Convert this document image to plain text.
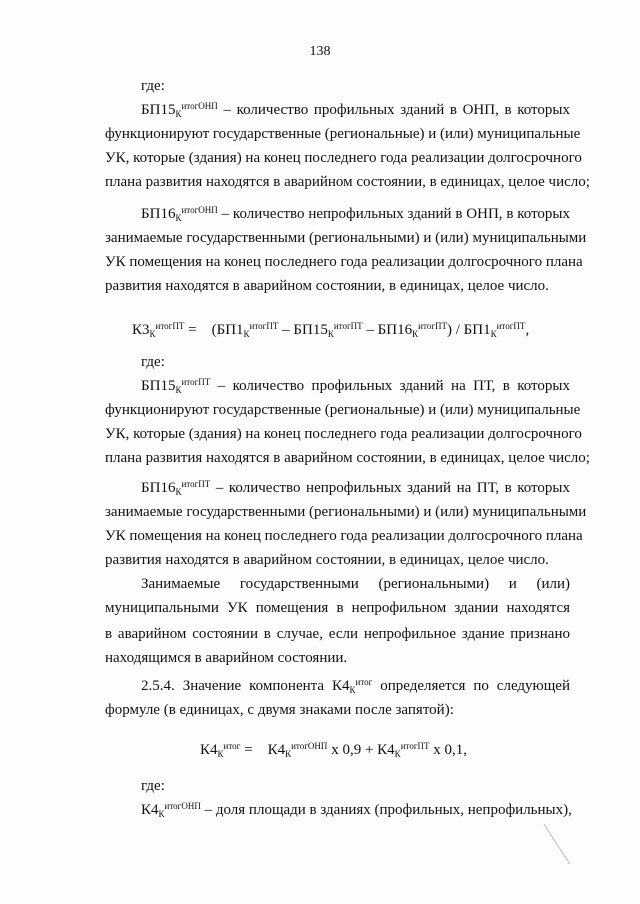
138
где:
$БП15_К^{итогОНП}$ – количество профильных зданий в ОНП, в которых
функционируют государственные (региональные) и (или) муниципальные
УК, которые (здания) на конец последнего года реализации долгосрочного
плана развития находятся в аварийном состоянии, в единицах, целое число;
$БП16_К^{итогОНП}$ – количество непрофильных зданий в ОНП, в которых
занимаемые государственными (региональными) и (или) муниципальными
УК помещения на конец последнего года реализации долгосрочного плана
развития находятся в аварийном состоянии, в единицах, целое число.
$К3_К^{итогПТ}$ =    $(БП1_К^{итогПТ} - БП15_К^{итогПТ} - БП16_К^{итогПТ}) / БП1_К^{итогПТ}$,
где:
$БП15_К^{итогПТ}$ – количество профильных зданий на ПТ, в которых
функционируют государственные (региональные) и (или) муниципальные
УК, которые (здания) на конец последнего года реализации долгосрочного
плана развития находятся в аварийном состоянии, в единицах, целое число;
$БП16_К^{итогПТ}$ – количество непрофильных зданий на ПТ, в которых
занимаемые государственными (региональными) и (или) муниципальными
УК помещения на конец последнего года реализации долгосрочного плана
развития находятся в аварийном состоянии, в единицах, целое число.
Занимаемые государственными (региональными) и (или)
муниципальными УК помещения в непрофильном здании находятся
в аварийном состоянии в случае, если непрофильное здание признано
находящимся в аварийном состоянии.
2.5.4. Значение компонента $К4_К^{итог}$ определяется по следующей
формуле (в единицах, с двумя знаками после запятой):
$К4_К^{итог}$ =    $К4_К^{итогОНП}$ х $0,9 + К4_К^{итогПТ}$ х 0,1,
где:
$К4_К^{итогОНП}$ – доля площади в зданиях (профильных, непрофильных),
